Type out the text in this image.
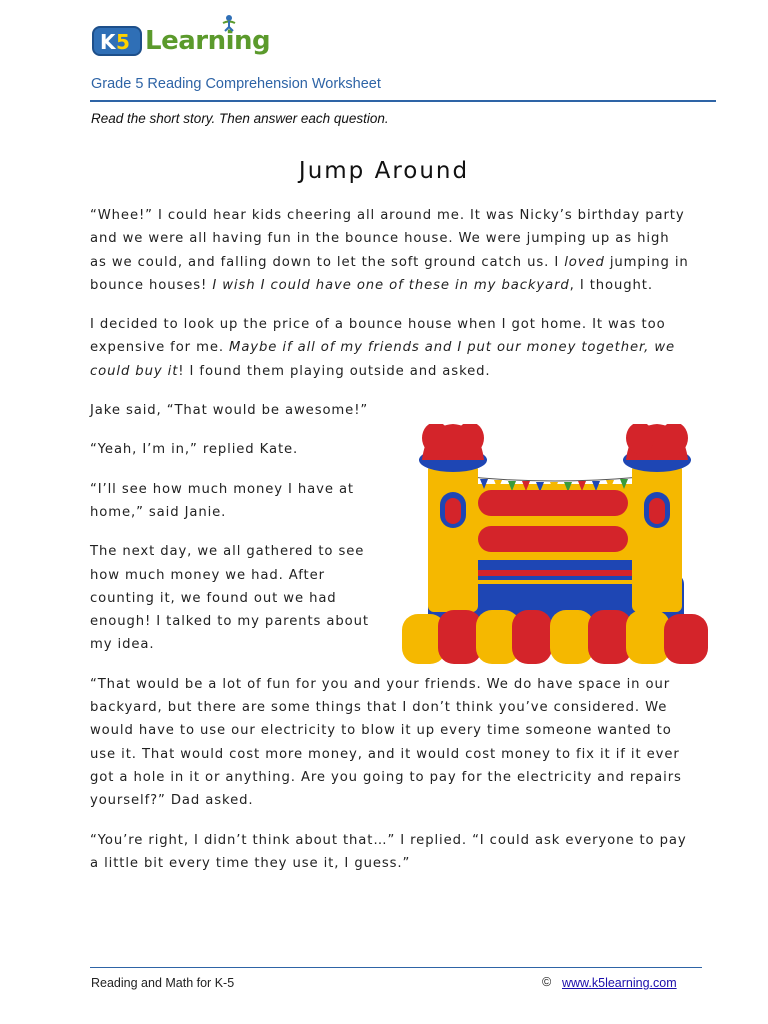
K 5 Learning
Grade 5 Reading Comprehension Worksheet
Read the short story. Then answer each question.
Jump Around

“Whee!” I could hear kids cheering all around me. It was Nicky’s birthday party and we were all having fun in the bounce house. We were jumping up as high as we could, and falling down to let the soft ground catch us. I loved jumping in bounce houses! I wish I could have one of these in my backyard, I thought.

I decided to look up the price of a bounce house when I got home. It was too expensive for me. Maybe if all of my friends and I put our money together, we could buy it! I found them playing outside and asked.

Jake said, “That would be awesome!”

“Yeah, I’m in,” replied Kate.

“I’ll see how much money I have at home,” said Janie.

The next day, we all gathered to see how much money we had. After counting it, we found out we had enough! I talked to my parents about my idea.

“That would be a lot of fun for you and your friends. We do have space in our backyard, but there are some things that I don’t think you’ve considered. We would have to use our electricity to blow it up every time someone wanted to use it. That would cost more money, and it would cost money to fix it if it ever got a hole in it or anything. Are you going to pay for the electricity and repairs yourself?” Dad asked.

“You’re right, I didn’t think about that…” I replied. “I could ask everyone to pay a little bit every time they use it, I guess.”

Reading and Math for K-5	© www.k5learning.com
